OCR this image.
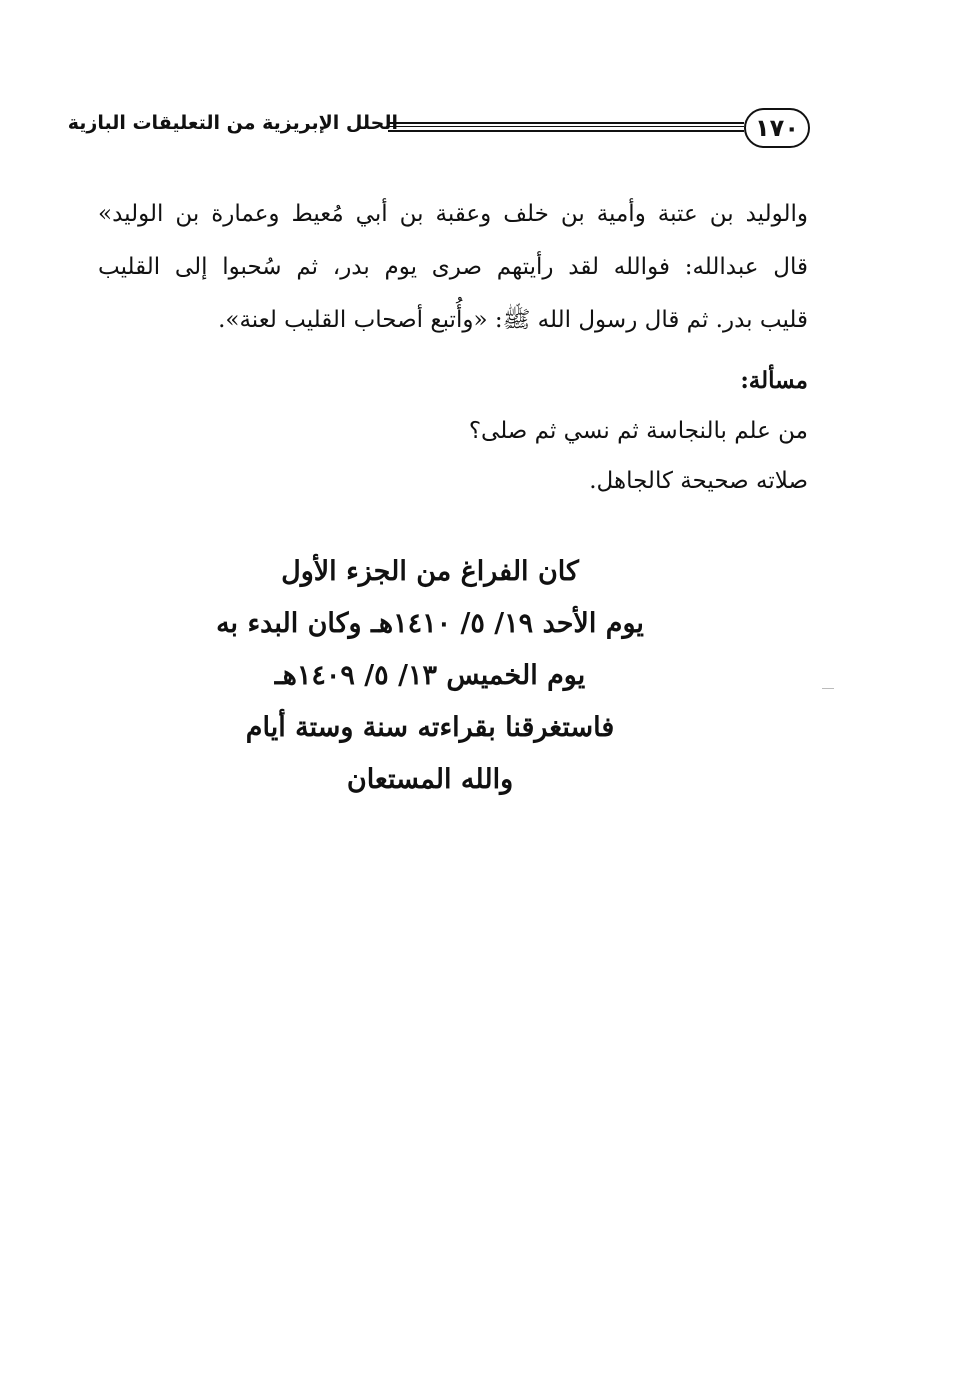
١٧٠
الحلل الإبريزية من التعليقات البازية

والوليد بن عتبة وأمية بن خلف وعقبة بن أبي مُعيط وعمارة بن الوليد»

قال عبدالله: فوالله لقد رأيتهم صرى يوم بدر، ثم سُحبوا إلى القليب

قليب بدر. ثم قال رسول الله ﷺ: «وأُتبع أصحاب القليب لعنة».

مسألة:

من علم بالنجاسة ثم نسي ثم صلى؟

صلاته صحيحة كالجاهل.

كان الفراغ من الجزء الأول

يوم الأحد ١٩/ ٥/ ١٤١٠هـ وكان البدء به

يوم الخميس ١٣/ ٥/ ١٤٠٩هـ

فاستغرقنا بقراءته سنة وستة أيام

والله المستعان
